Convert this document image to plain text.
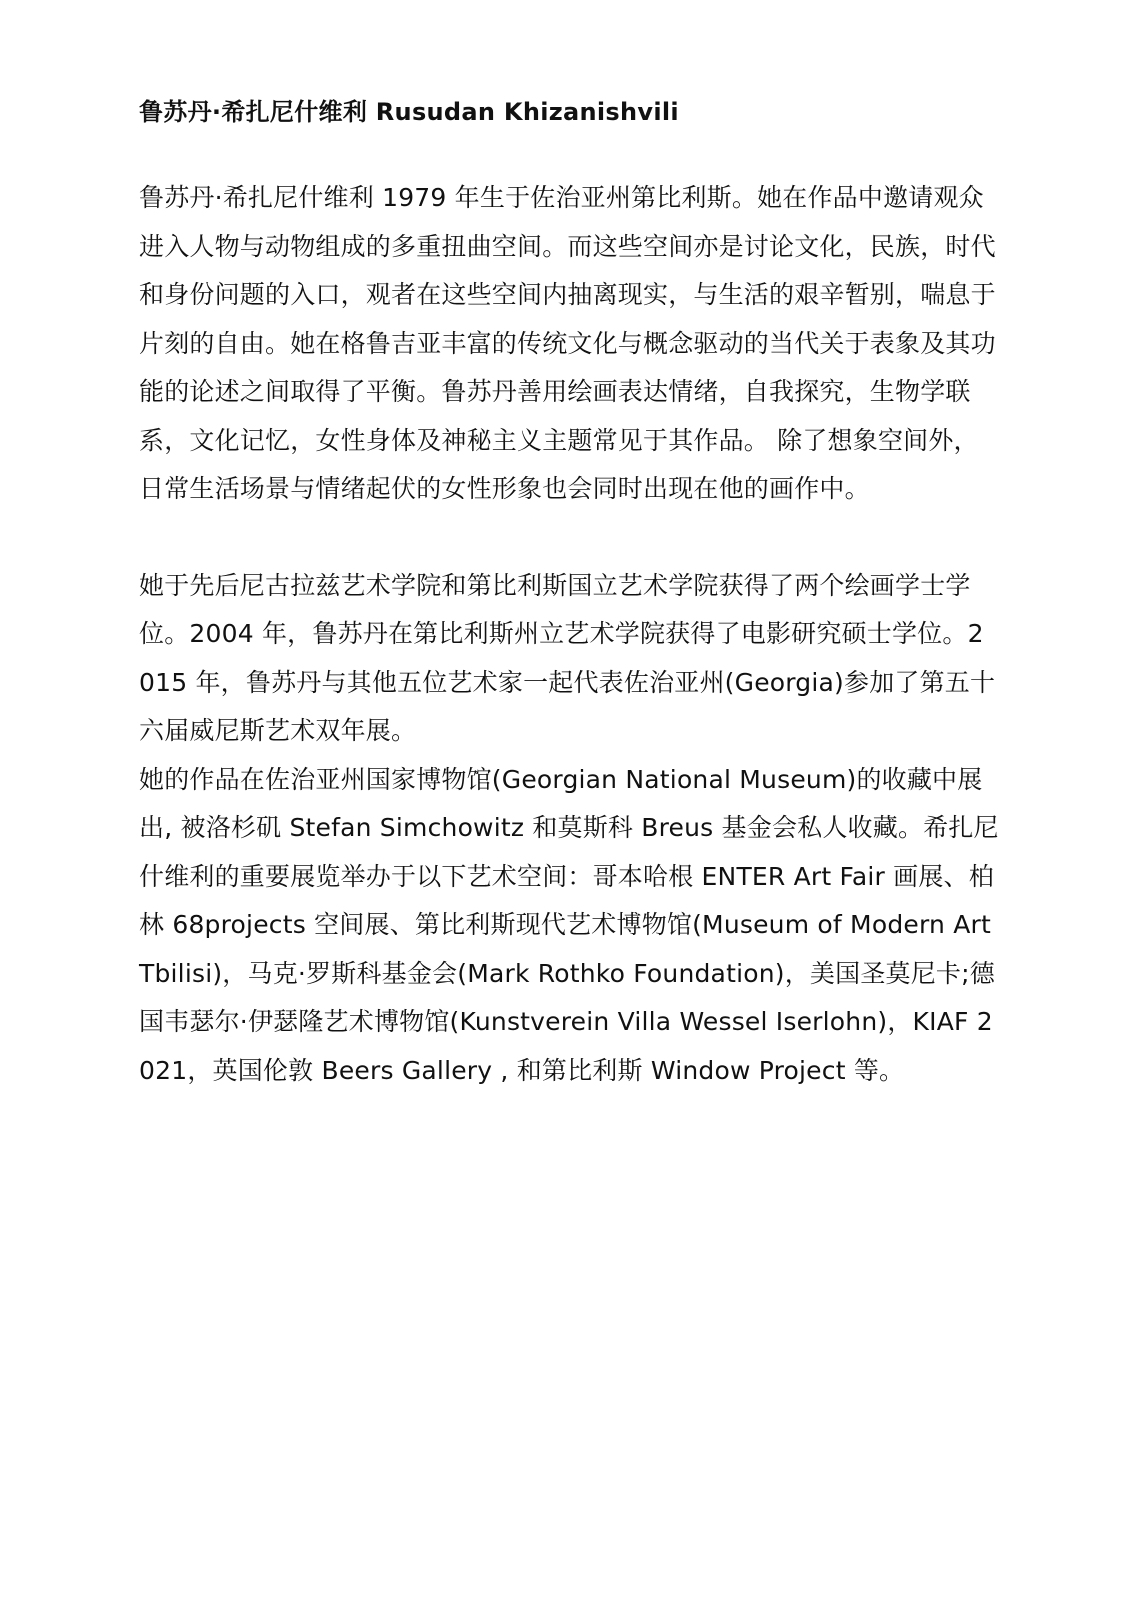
鲁苏丹·希扎尼什维利 Rusudan Khizanishvili

鲁苏丹·希扎尼什维利 1979 年生于佐治亚州第比利斯。她在作品中邀请观众进入人物与动物组成的多重扭曲空间。而这些空间亦是讨论文化，民族，时代和身份问题的入口，观者在这些空间内抽离现实，与生活的艰辛暂别，喘息于片刻的自由。她在格鲁吉亚丰富的传统文化与概念驱动的当代关于表象及其功能的论述之间取得了平衡。鲁苏丹善用绘画表达情绪，自我探究，生物学联系，文化记忆，女性身体及神秘主义主题常见于其作品。 除了想象空间外，日常生活场景与情绪起伏的女性形象也会同时出现在他的画作中。

她于先后尼古拉兹艺术学院和第比利斯国立艺术学院获得了两个绘画学士学位。2004 年，鲁苏丹在第比利斯州立艺术学院获得了电影研究硕士学位。2015 年，鲁苏丹与其他五位艺术家一起代表佐治亚州(Georgia)参加了第五十六届威尼斯艺术双年展。

她的作品在佐治亚州国家博物馆(Georgian National Museum)的收藏中展出, 被洛杉矶 Stefan Simchowitz 和莫斯科 Breus 基金会私人收藏。希扎尼什维利的重要展览举办于以下艺术空间：哥本哈根 ENTER Art Fair 画展、柏林 68projects 空间展、第比利斯现代艺术博物馆(Museum of Modern Art Tbilisi)，马克·罗斯科基金会(Mark Rothko Foundation)，美国圣莫尼卡;德国韦瑟尔·伊瑟隆艺术博物馆(Kunstverein Villa Wessel Iserlohn)，KIAF 2021，英国伦敦 Beers Gallery , 和第比利斯 Window Project 等。
